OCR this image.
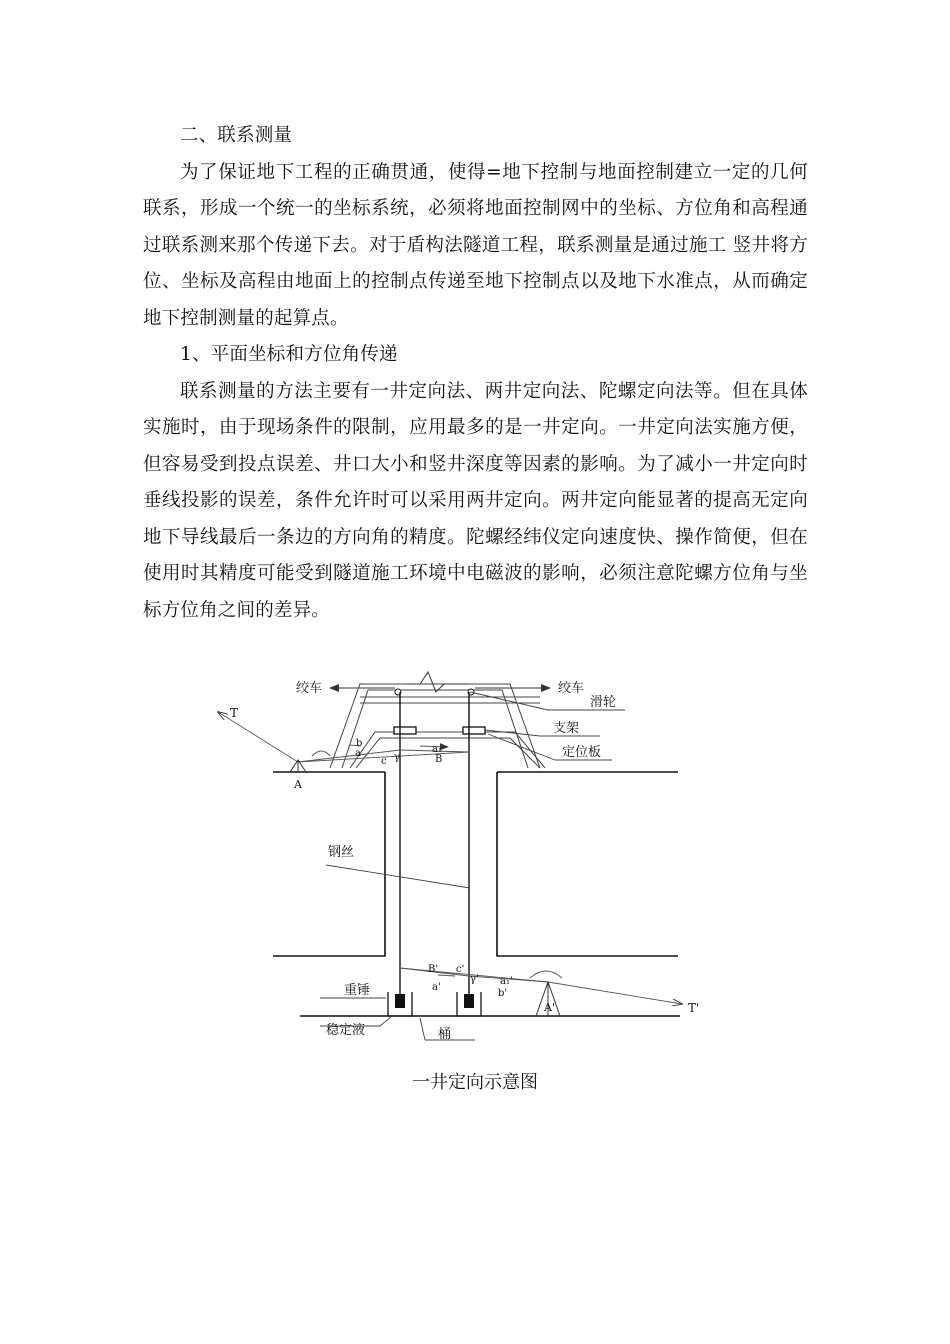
二、联系测量

为了保证地下工程的正确贯通，使得=地下控制与地面控制建立一定的几何联系，形成一个统一的坐标系统，必须将地面控制网中的坐标、方位角和高程通过联系测来那个传递下去。对于盾构法隧道工程，联系测量是通过施工 竖井将方位、坐标及高程由地面上的控制点传递至地下控制点以及地下水准点，从而确定地下控制测量的起算点。

1、平面坐标和方位角传递

联系测量的方法主要有一井定向法、两井定向法、陀螺定向法等。但在具体实施时，由于现场条件的限制，应用最多的是一井定向。一井定向法实施方便，但容易受到投点误差、井口大小和竖井深度等因素的影响。为了减小一井定向时垂线投影的误差，条件允许时可以采用两井定向。两井定向能显著的提高无定向地下导线最后一条边的方向角的精度。陀螺经纬仪定向速度快、操作简便，但在使用时其精度可能受到隧道施工环境中电磁波的影响，必须注意陀螺方位角与坐标方位角之间的差异。

绞车	绞车
滑轮
支架
定位板
钢丝
重锤
稳定液	桶
T
A
b
a
c γ
a₁
B
B' c'
a'
γ' a₁'
b'
A'	T'
一井定向示意图
